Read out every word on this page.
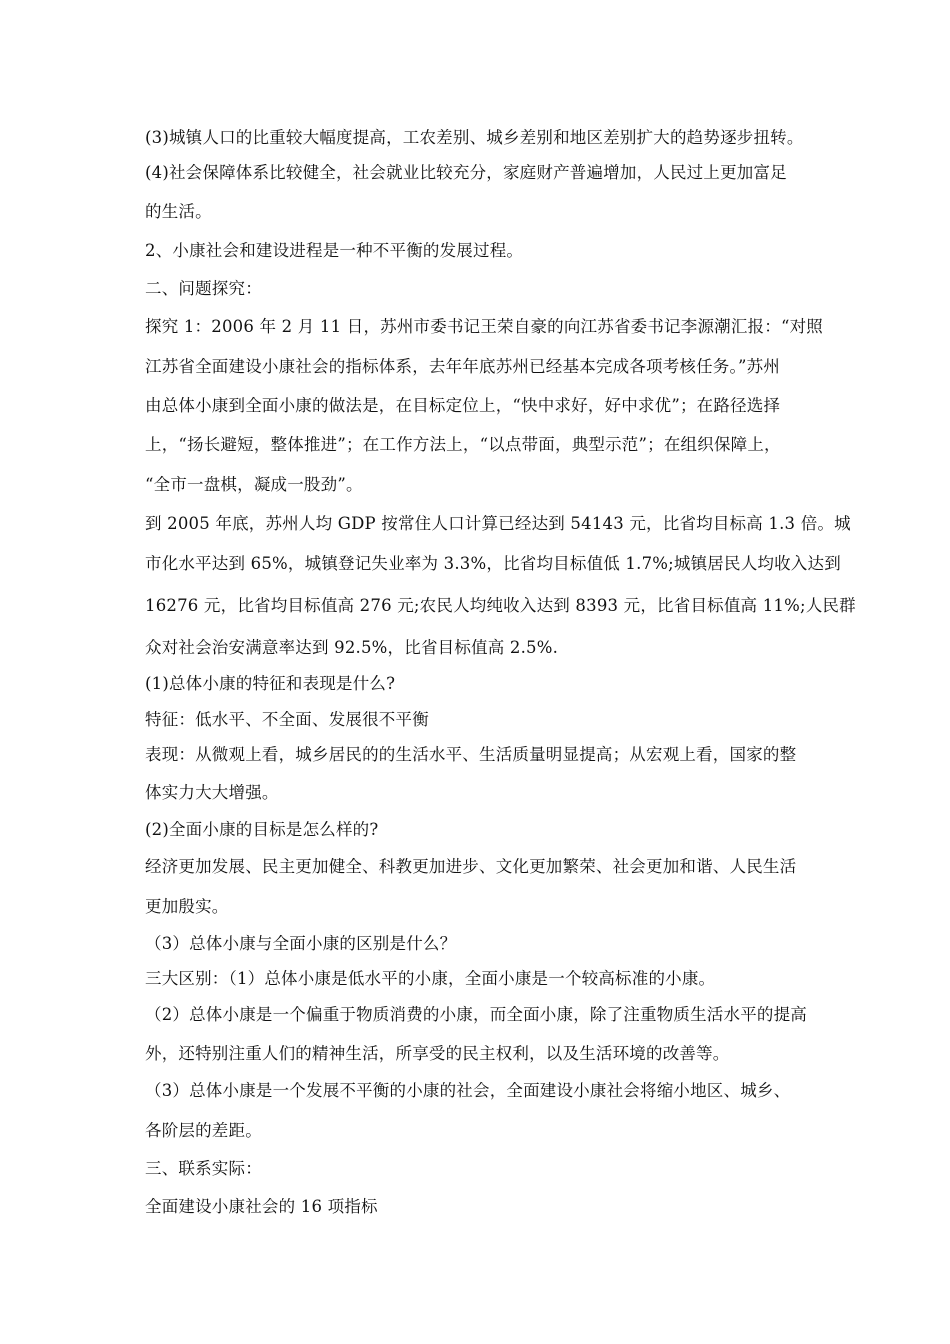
(3)城镇人口的比重较大幅度提高，工农差别、城乡差别和地区差别扩大的趋势逐步扭转。
(4)社会保障体系比较健全，社会就业比较充分，家庭财产普遍增加，人民过上更加富足
的生活。
2、小康社会和建设进程是一种不平衡的发展过程。
二、问题探究：
探究 1：2006 年 2 月 11 日，苏州市委书记王荣自豪的向江苏省委书记李源潮汇报：“对照
江苏省全面建设小康社会的指标体系，去年年底苏州已经基本完成各项考核任务。”苏州
由总体小康到全面小康的做法是，在目标定位上，“快中求好，好中求优”；在路径选择
上，“扬长避短，整体推进”；在工作方法上，“以点带面，典型示范”；在组织保障上，
“全市一盘棋，凝成一股劲”。
到 2005 年底，苏州人均 GDP 按常住人口计算已经达到 54143 元，比省均目标高 1.3 倍。城
市化水平达到 65%，城镇登记失业率为 3.3%，比省均目标值低 1.7%;城镇居民人均收入达到
16276 元，比省均目标值高 276 元;农民人均纯收入达到 8393 元，比省目标值高 11%;人民群
众对社会治安满意率达到 92.5%，比省目标值高 2.5%.
(1)总体小康的特征和表现是什么?
特征：低水平、不全面、发展很不平衡
表现：从微观上看，城乡居民的的生活水平、生活质量明显提高；从宏观上看，国家的整
体实力大大增强。
(2)全面小康的目标是怎么样的?
经济更加发展、民主更加健全、科教更加进步、文化更加繁荣、社会更加和谐、人民生活
更加殷实。
（3）总体小康与全面小康的区别是什么？
三大区别：（1）总体小康是低水平的小康，全面小康是一个较高标准的小康。
（2）总体小康是一个偏重于物质消费的小康，而全面小康，除了注重物质生活水平的提高
外，还特别注重人们的精神生活，所享受的民主权利，以及生活环境的改善等。
（3）总体小康是一个发展不平衡的小康的社会，全面建设小康社会将缩小地区、城乡、
各阶层的差距。
三、联系实际：
全面建设小康社会的 16 项指标
